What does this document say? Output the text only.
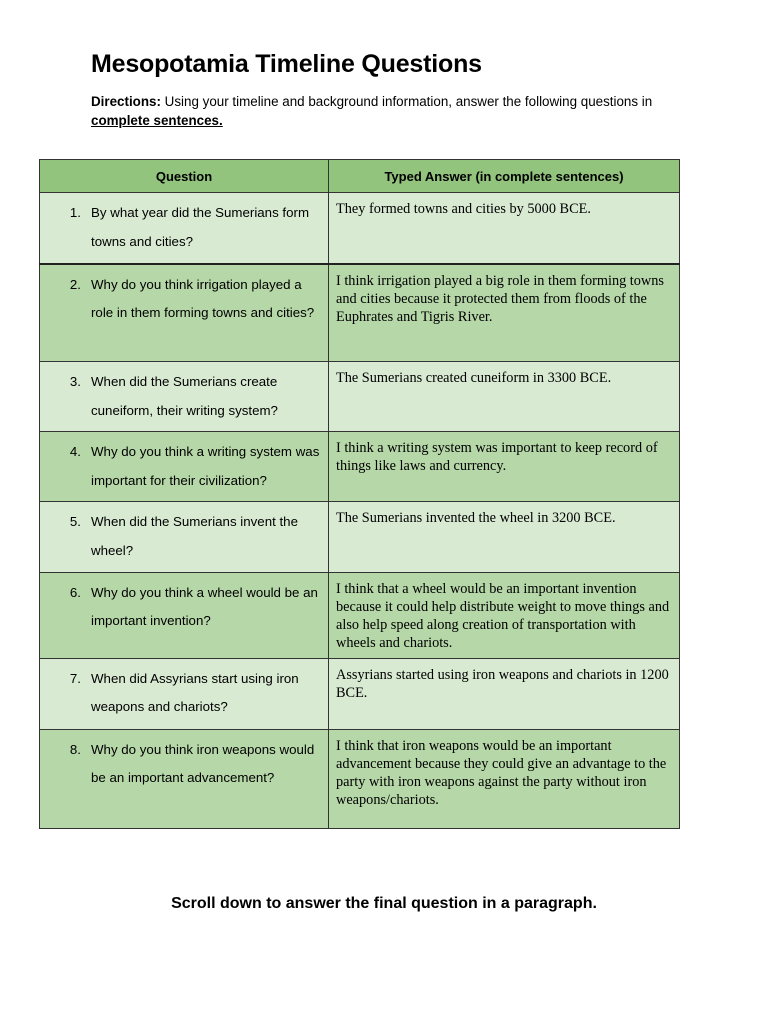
Mesopotamia Timeline Questions
Directions: Using your timeline and background information, answer the following questions in
complete sentences.
Question	Typed Answer (in complete sentences)

1. By what year did the Sumerians form towns and cities?	They formed towns and cities by 5000 BCE.

2. Why do you think irrigation played a role in them forming towns and cities?	I think irrigation played a big role in them forming towns and cities because it protected them from floods of the Euphrates and Tigris River.

3. When did the Sumerians create cuneiform, their writing system?	The Sumerians created cuneiform in 3300 BCE.

4. Why do you think a writing system was important for their civilization?	I think a writing system was important to keep record of things like laws and currency.

5. When did the Sumerians invent the wheel?	The Sumerians invented the wheel in 3200 BCE.

6. Why do you think a wheel would be an important invention?	I think that a wheel would be an important invention because it could help distribute weight to move things and also help speed along creation of transportation with wheels and chariots.

7. When did Assyrians start using iron weapons and chariots?	Assyrians started using iron weapons and chariots in 1200 BCE.

8. Why do you think iron weapons would be an important advancement?	I think that iron weapons would be an important advancement because they could give an advantage to the party with iron weapons against the party without iron weapons/chariots.
Scroll down to answer the final question in a paragraph.
